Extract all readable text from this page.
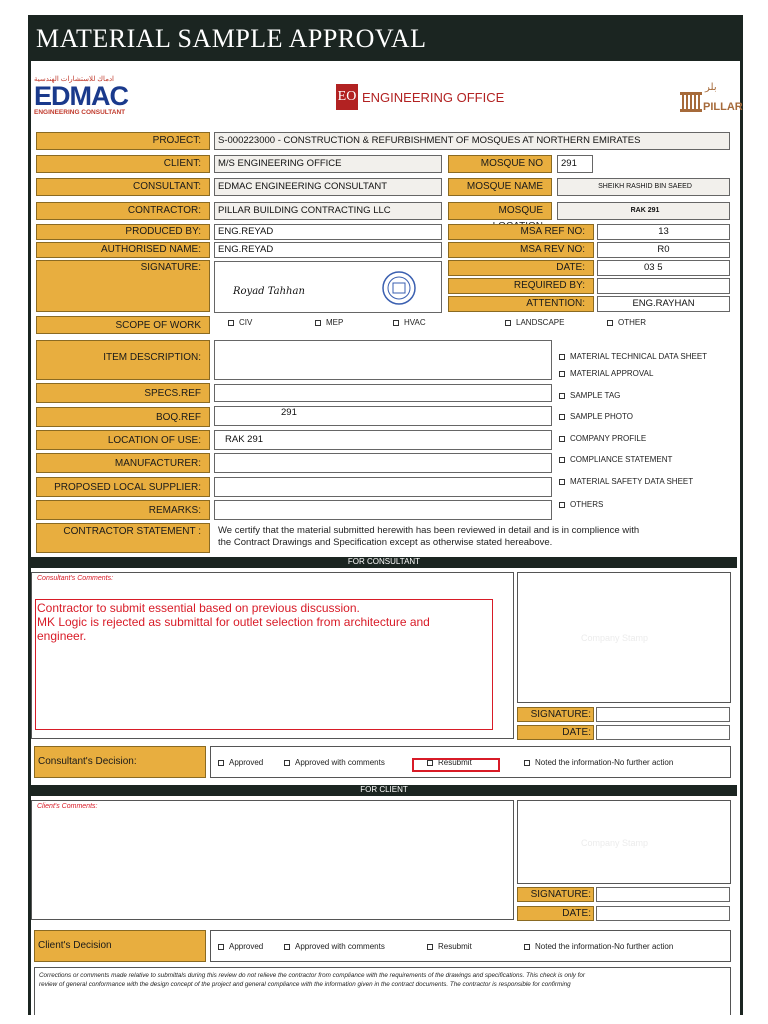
MATERIAL SAMPLE APPROVAL
ادماك للاستشارات الهندسية
EDMAC
ENGINEERING CONSULTANT
EO ENGINEERING OFFICE
بلر
PILLAR
PROJECT:	S-000223000 - CONSTRUCTION & REFURBISHMENT OF MOSQUES AT NORTHERN EMIRATES
CLIENT:	M/S ENGINEERING OFFICE	MOSQUE NO	291
CONSULTANT:	EDMAC ENGINEERING CONSULTANT	MOSQUE NAME	SHEIKH RASHID BIN SAEED
CONTRACTOR:	PILLAR BUILDING CONTRACTING LLC	MOSQUE	RAK 291
PRODUCED BY:	ENG.REYAD	MSA REF NO:	13
AUTHORISED NAME:	ENG.REYAD	MSA REV NO:	R0
SIGNATURE:
Royad Tahhan
DATE:	03 5
REQUIRED BY:
ATTENTION:	ENG.RAYHAN
SCOPE OF WORK	CIV	MEP	HVAC	LANDSCAPE	OTHER
ITEM DESCRIPTION:
SPECS.REF
BOQ.REF	291
LOCATION OF USE:	RAK 291
MANUFACTURER:
PROPOSED LOCAL SUPPLIER:
REMARKS:
MATERIAL TECHNICAL DATA SHEET
MATERIAL APPROVAL
SAMPLE TAG
SAMPLE PHOTO
COMPANY PROFILE
COMPLIANCE STATEMENT
MATERIAL SAFETY DATA SHEET
OTHERS
CONTRACTOR STATEMENT :	We certify that the material submitted herewith has been reviewed in detail and is in complience with
the Contract Drawings and Specification except as otherwise stated hereabove.
FOR CONSULTANT
Consultant's Comments:
Contractor to submit essential based on previous discussion.
MK Logic is rejected as submittal for outlet selection from architecture and
engineer.	Company Stamp
SIGNATURE:
DATE:
Consultant's Decision:	Approved	Approved with comments	Resubmit	Noted the information-No further action
FOR CLIENT
Client's Comments:
Company Stamp
SIGNATURE:
DATE:
Client's Decision	Approved	Approved with comments	Resubmit	Noted the information-No further action
Corrections or comments made relative to submittals during this review do not relieve the contractor from compliance with the requirements of the drawings and specifications. This check is only for
review of general conformance with the design concept of the project and general compliance with the information given in the contract documents. The contractor is responsible for confirming
